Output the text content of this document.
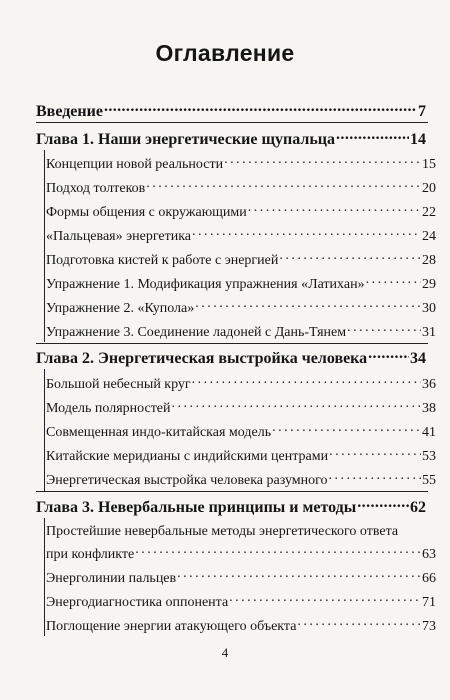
Оглавление
Введение .....	7
Глава 1. Наши энергетические щупальца .....	14
Концепции новой реальности . . .	15
Подход толтеков . . .	20
Формы общения с окружающими . . .	22
«Пальцевая» энергетика . . .	24
Подготовка кистей к работе с энергией . . .	28
Упражнение 1. Модификация упражнения «Латихан» . . .	29
Упражнение 2. «Купола» . . .	30
Упражнение 3. Соединение ладоней с Дань-Тянем . . .	31
Глава 2. Энергетическая выстройка человека .....	34
Большой небесный круг . . .	36
Модель полярностей . . .	38
Совмещенная индо-китайская модель . . .	41
Китайские меридианы с индийскими центрами . . .	53
Энергетическая выстройка человека разумного . . .	55
Глава 3. Невербальные принципы и методы .....	62
Простейшие невербальные методы энергетического ответа
при конфликте . . .	63
Энерголинии пальцев . . .	66
Энергодиагностика оппонента . . .	71
Поглощение энергии атакующего объекта . . .	73
4
